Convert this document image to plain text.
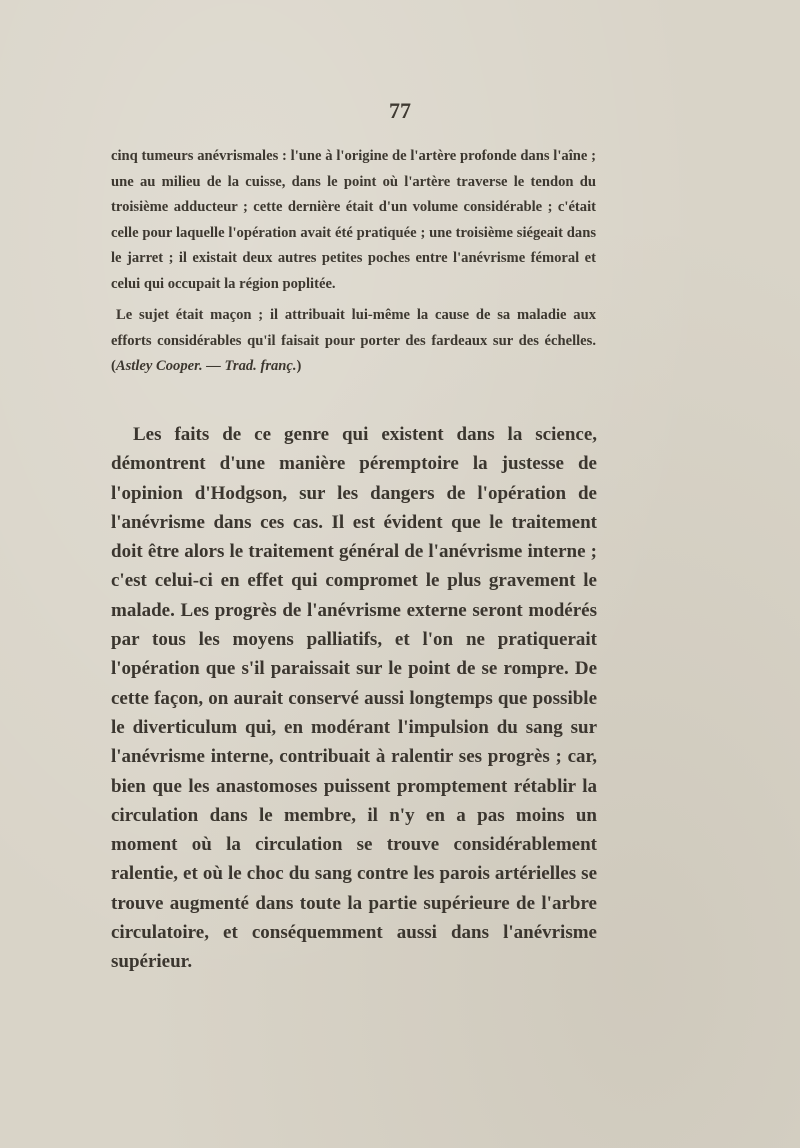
77

cinq tumeurs anévrismales : l'une à l'origine de l'artère profonde dans l'aîne ; une au milieu de la cuisse, dans le point où l'artère traverse le tendon du troisième adducteur ; cette dernière était d'un volume considérable ; c'était celle pour laquelle l'opération avait été pratiquée ; une troisième siégeait dans le jarret ; il existait deux autres petites poches entre l'anévrisme fémoral et celui qui occupait la région poplitée.

Le sujet était maçon ; il attribuait lui-même la cause de sa maladie aux efforts considérables qu'il faisait pour porter des fardeaux sur des échelles. (Astley Cooper. — Trad. franç.)

Les faits de ce genre qui existent dans la science, démontrent d'une manière péremptoire la justesse de l'opinion d'Hodgson, sur les dangers de l'opération de l'anévrisme dans ces cas. Il est évident que le traitement doit être alors le traitement général de l'anévrisme interne ; c'est celui-ci en effet qui compromet le plus gravement le malade. Les progrès de l'anévrisme externe seront modérés par tous les moyens palliatifs, et l'on ne pratiquerait l'opération que s'il paraissait sur le point de se rompre. De cette façon, on aurait conservé aussi longtemps que possible le diverticulum qui, en modérant l'impulsion du sang sur l'anévrisme interne, contribuait à ralentir ses progrès ; car, bien que les anastomoses puissent promptement rétablir la circulation dans le membre, il n'y en a pas moins un moment où la circulation se trouve considérablement ralentie, et où le choc du sang contre les parois artérielles se trouve augmenté dans toute la partie supérieure de l'arbre circulatoire, et conséquemment aussi dans l'anévrisme supérieur.
